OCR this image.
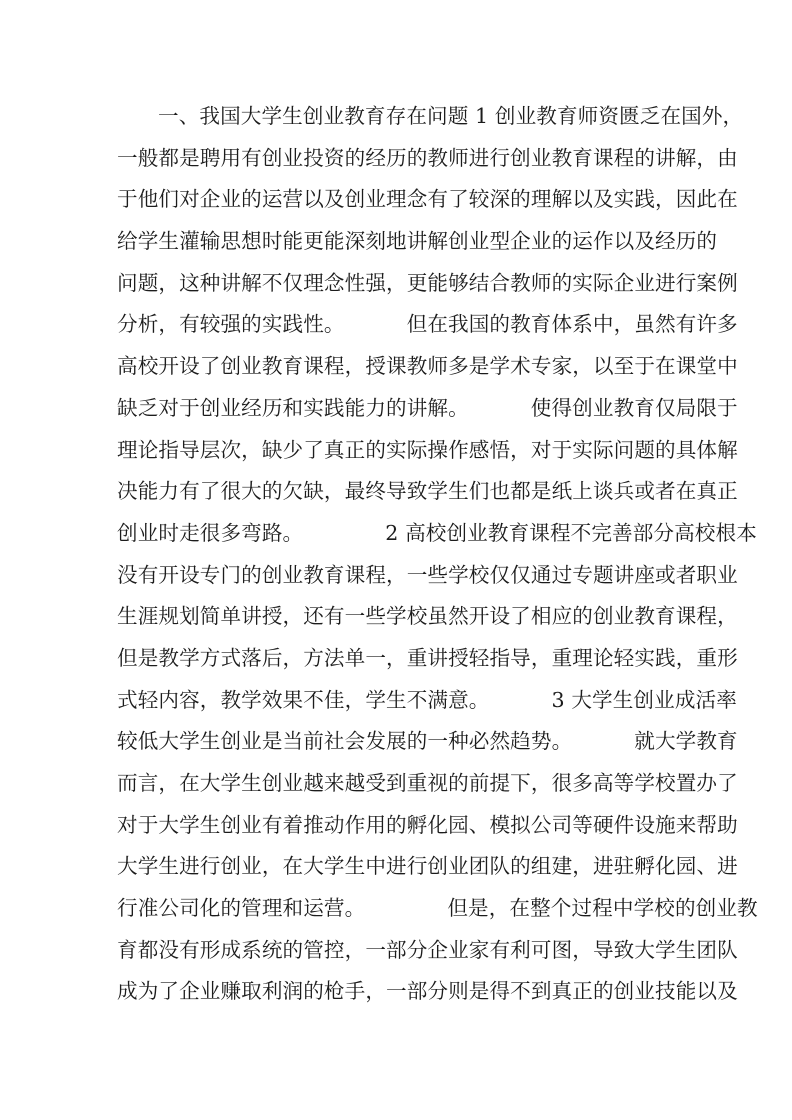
一、我国大学生创业教育存在问题 1 创业教育师资匮乏在国外，
一般都是聘用有创业投资的经历的教师进行创业教育课程的讲解，由
于他们对企业的运营以及创业理念有了较深的理解以及实践，因此在
给学生灌输思想时能更能深刻地讲解创业型企业的运作以及经历的
问题，这种讲解不仅理念性强，更能够结合教师的实际企业进行案例
分析，有较强的实践性。	但在我国的教育体系中，虽然有许多
高校开设了创业教育课程，授课教师多是学术专家，以至于在课堂中
缺乏对于创业经历和实践能力的讲解。	使得创业教育仅局限于
理论指导层次，缺少了真正的实际操作感悟，对于实际问题的具体解
决能力有了很大的欠缺，最终导致学生们也都是纸上谈兵或者在真正
创业时走很多弯路。	2 高校创业教育课程不完善部分高校根本
没有开设专门的创业教育课程，一些学校仅仅通过专题讲座或者职业
生涯规划简单讲授，还有一些学校虽然开设了相应的创业教育课程，
但是教学方式落后，方法单一，重讲授轻指导，重理论轻实践，重形
式轻内容，教学效果不佳，学生不满意。	3 大学生创业成活率
较低大学生创业是当前社会发展的一种必然趋势。	就大学教育
而言，在大学生创业越来越受到重视的前提下，很多高等学校置办了
对于大学生创业有着推动作用的孵化园、模拟公司等硬件设施来帮助
大学生进行创业，在大学生中进行创业团队的组建，进驻孵化园、进
行准公司化的管理和运营。	但是，在整个过程中学校的创业教
育都没有形成系统的管控，一部分企业家有利可图，导致大学生团队
成为了企业赚取利润的枪手，一部分则是得不到真正的创业技能以及
